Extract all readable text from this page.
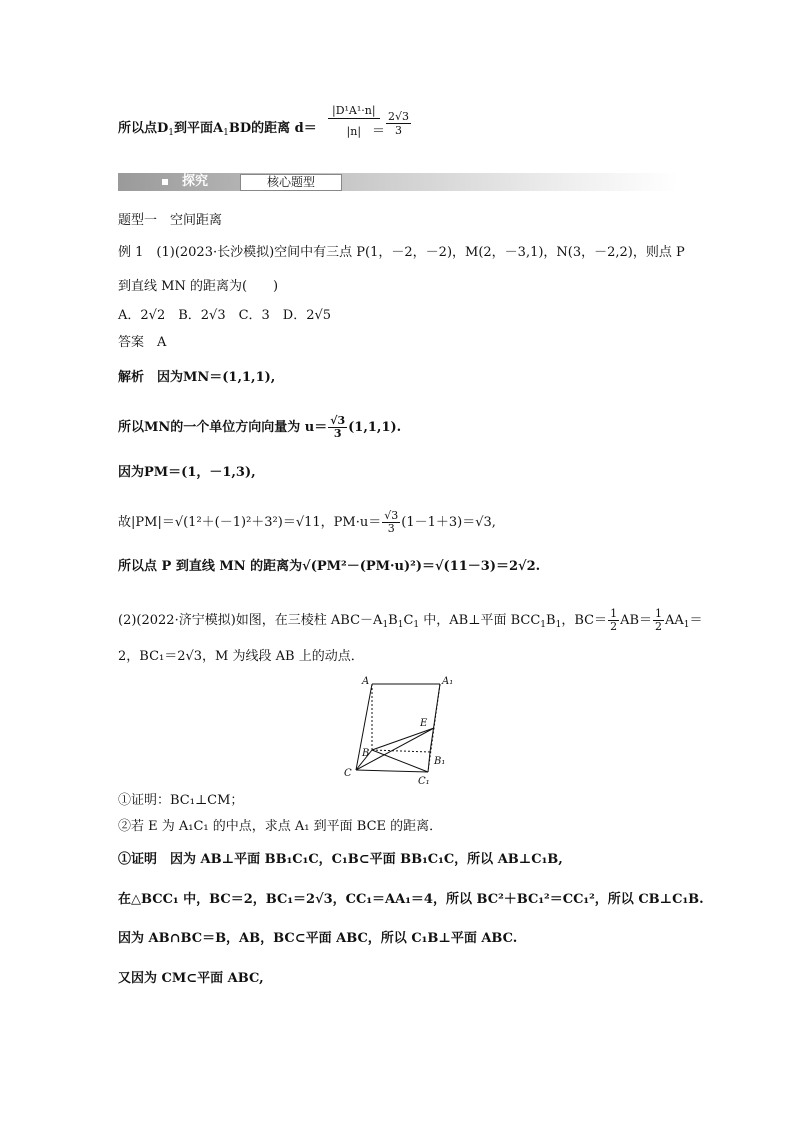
所以点$D_1$到平面$A_1BD$的距离 $d= \frac{\text{|D¹A¹·n|}}{|n|}$
＝ $\frac{2√3}{3}$
探究	核心题型
题型一　空间距离
例 1　(1)(2023·长沙模拟)空间中有三点 P(1，－2，－2)，M(2，－3,1)，N(3，－2,2)，则点 P
到直线 MN 的距离为(　　)
A．2√2　B．2√3　C．3　D．2√5
答案　A
解析　因为MN＝(1,1,1),
所以MN的一个单位方向向量为 $u= \frac{√3}{3} (1,1,1)$.
因为PM＝(1，－1,3),
故|PM|＝√(1²＋(－1)²＋3²)＝√11，$PM\cdot u= \frac{√3}{3} (1-1+3)=√3$,
所以点 P 到直线 MN 的距离为√(PM²－(PM·u)²)＝√(11－3)＝2√2.
(2)(2022·济宁模拟)如图，在三棱柱 $ABC-A_1B_1C_1$ 中，AB⊥平面 $BCC_1B_1$，$BC= \frac{1}{2} AB= \frac{1}{2} AA_1=$
2，BC₁＝2√3，M 为线段 AB 上的动点．
A	A₁
E
B
B₁
C
C₁
①证明：BC₁⊥CM；
②若 E 为 A₁C₁ 的中点，求点 A₁ 到平面 BCE 的距离．
①证明　因为 AB⊥平面 BB₁C₁C，C₁B⊂平面 BB₁C₁C，所以 AB⊥C₁B,
在△BCC₁ 中，BC＝2，BC₁＝2√3，CC₁＝AA₁＝4，所以 BC²＋BC₁²＝CC₁²，所以 CB⊥C₁B.
因为 AB∩BC＝B，AB，BC⊂平面 ABC，所以 C₁B⊥平面 ABC.
又因为 CM⊂平面 ABC,
